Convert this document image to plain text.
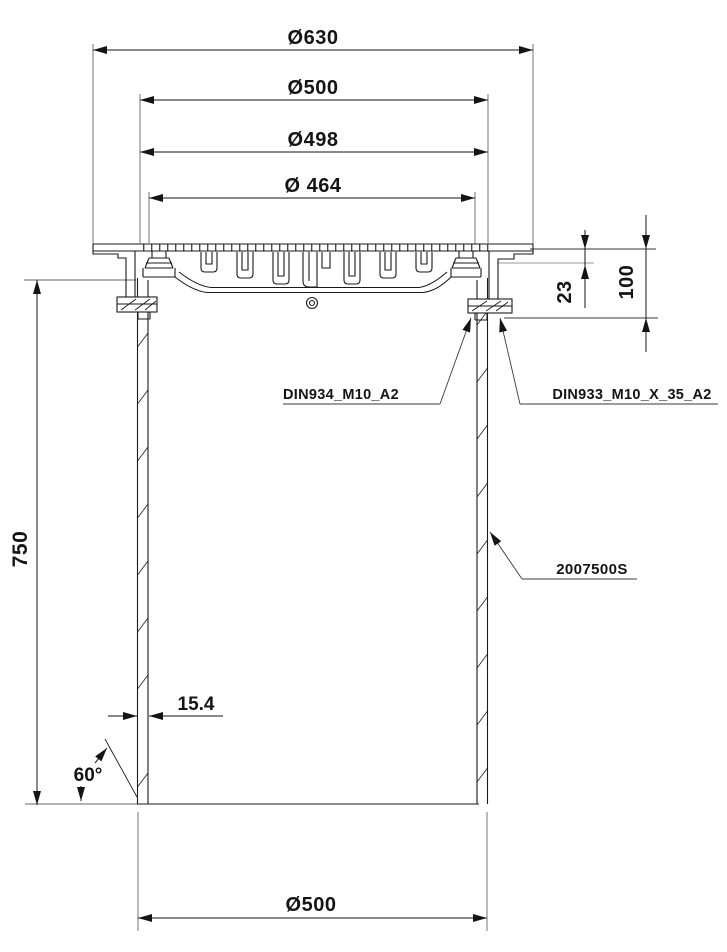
Ø630
Ø500
Ø498
Ø 464
Ø500
750
23 100
15.4
60°
DIN934_M10_A2	DIN933_M10_X_35_A2
2007500S
